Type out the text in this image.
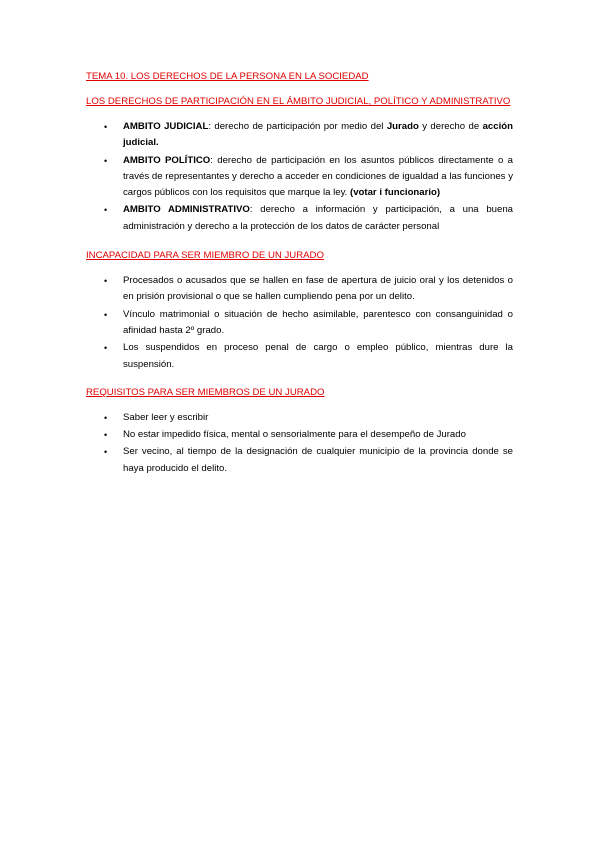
TEMA 10. LOS DERECHOS DE LA PERSONA EN LA SOCIEDAD

LOS DERECHOS DE PARTICIPACIÓN EN EL ÁMBITO JUDICIAL, POLÍTICO Y ADMINISTRATIVO

• AMBITO JUDICIAL: derecho de participación por medio del Jurado y derecho de acción judicial.
• AMBITO POLÍTICO: derecho de participación en los asuntos públicos directamente o a través de representantes y derecho a acceder en condiciones de igualdad a las funciones y cargos públicos con los requisitos que marque la ley. (votar i funcionario)
• AMBITO ADMINISTRATIVO: derecho a información y participación, a una buena administración y derecho a la protección de los datos de carácter personal

INCAPACIDAD PARA SER MIEMBRO DE UN JURADO

• Procesados o acusados que se hallen en fase de apertura de juicio oral y los detenidos o en prisión provisional o que se hallen cumpliendo pena por un delito.
• Vínculo matrimonial o situación de hecho asimilable, parentesco con consanguinidad o afinidad hasta 2º grado.
• Los suspendidos en proceso penal de cargo o empleo público, mientras dure la suspensión.

REQUISITOS PARA SER MIEMBROS DE UN JURADO

• Saber leer y escribir
• No estar impedido física, mental o sensorialmente para el desempeño de Jurado
• Ser vecino, al tiempo de la designación de cualquier municipio de la provincia donde se haya producido el delito.
